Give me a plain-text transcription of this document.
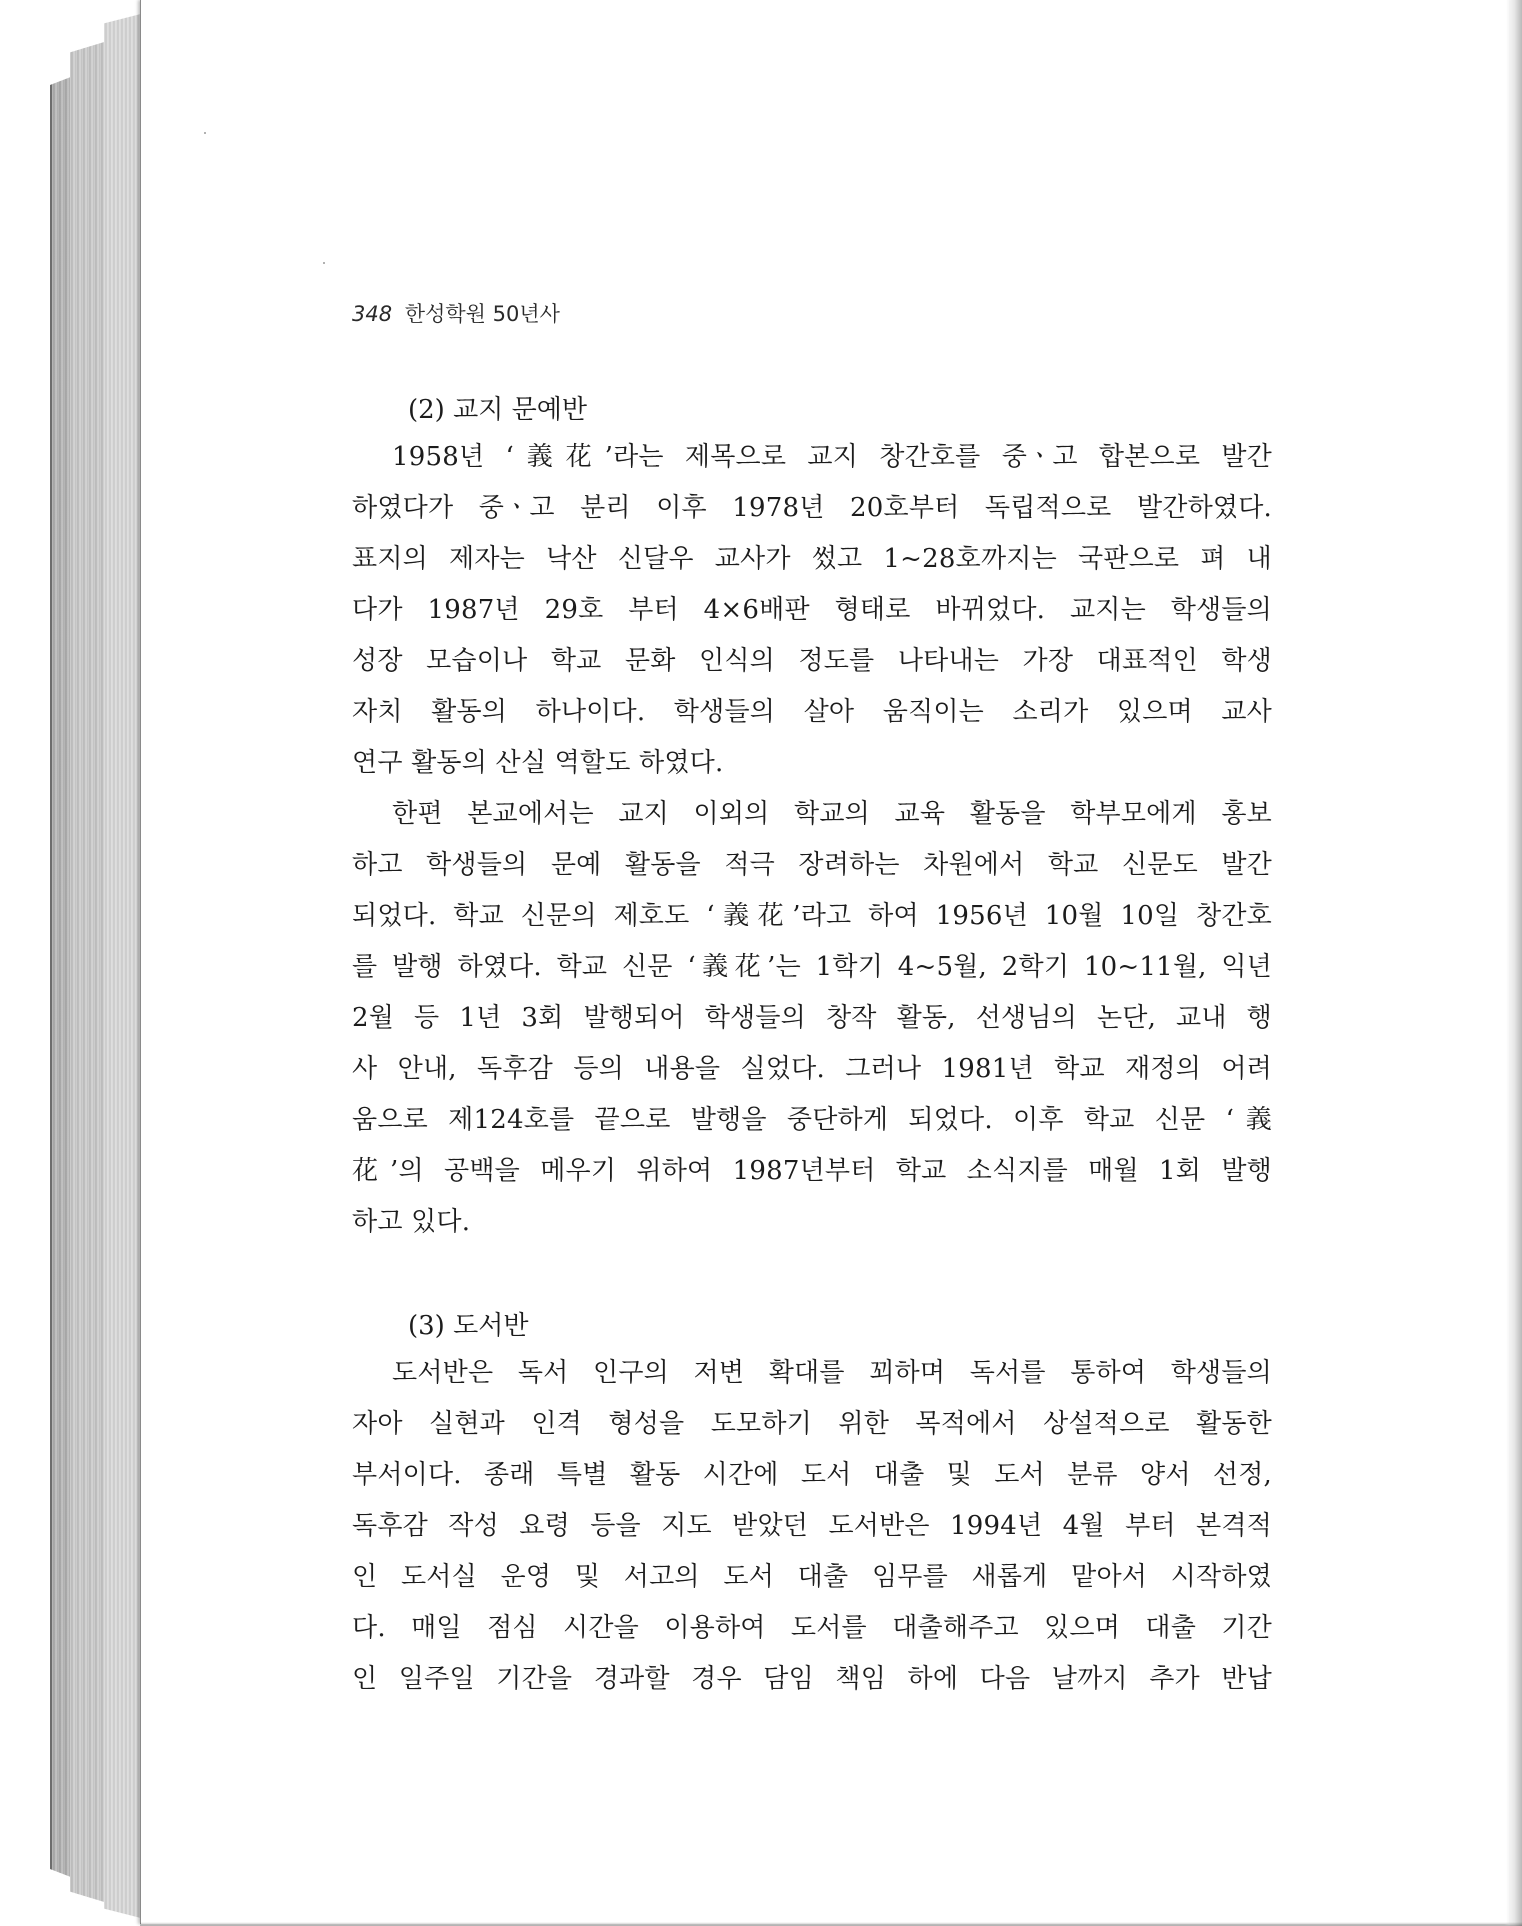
348 한성학원 50년사
(2) 교지 문예반

1958년 ‘義花’라는 제목으로 교지 창간호를 중ㆍ고 합본으로 발간
하였다가 중ㆍ고 분리 이후 1978년 20호부터 독립적으로 발간하였다.
표지의 제자는 낙산 신달우 교사가 썼고 1~28호까지는 국판으로 펴 내
다가 1987년 29호 부터 4×6배판 형태로 바뀌었다. 교지는 학생들의
성장 모습이나 학교 문화 인식의 정도를 나타내는 가장 대표적인 학생
자치 활동의 하나이다. 학생들의 살아 움직이는 소리가 있으며 교사
연구 활동의 산실 역할도 하였다.

한편 본교에서는 교지 이외의 학교의 교육 활동을 학부모에게 홍보
하고 학생들의 문예 활동을 적극 장려하는 차원에서 학교 신문도 발간
되었다. 학교 신문의 제호도 ‘義花’라고 하여 1956년 10월 10일 창간호
를 발행 하였다. 학교 신문 ‘義花’는 1학기 4~5월, 2학기 10~11월, 익년
2월 등 1년 3회 발행되어 학생들의 창작 활동, 선생님의 논단, 교내 행
사 안내, 독후감 등의 내용을 실었다. 그러나 1981년 학교 재정의 어려
움으로 제124호를 끝으로 발행을 중단하게 되었다. 이후 학교 신문 ‘義
花’의 공백을 메우기 위하여 1987년부터 학교 소식지를 매월 1회 발행
하고 있다.

(3) 도서반

도서반은 독서 인구의 저변 확대를 꾀하며 독서를 통하여 학생들의
자아 실현과 인격 형성을 도모하기 위한 목적에서 상설적으로 활동한
부서이다. 종래 특별 활동 시간에 도서 대출 및 도서 분류 양서 선정,
독후감 작성 요령 등을 지도 받았던 도서반은 1994년 4월 부터 본격적
인 도서실 운영 및 서고의 도서 대출 임무를 새롭게 맡아서 시작하였
다. 매일 점심 시간을 이용하여 도서를 대출해주고 있으며 대출 기간
인 일주일 기간을 경과할 경우 담임 책임 하에 다음 날까지 추가 반납
